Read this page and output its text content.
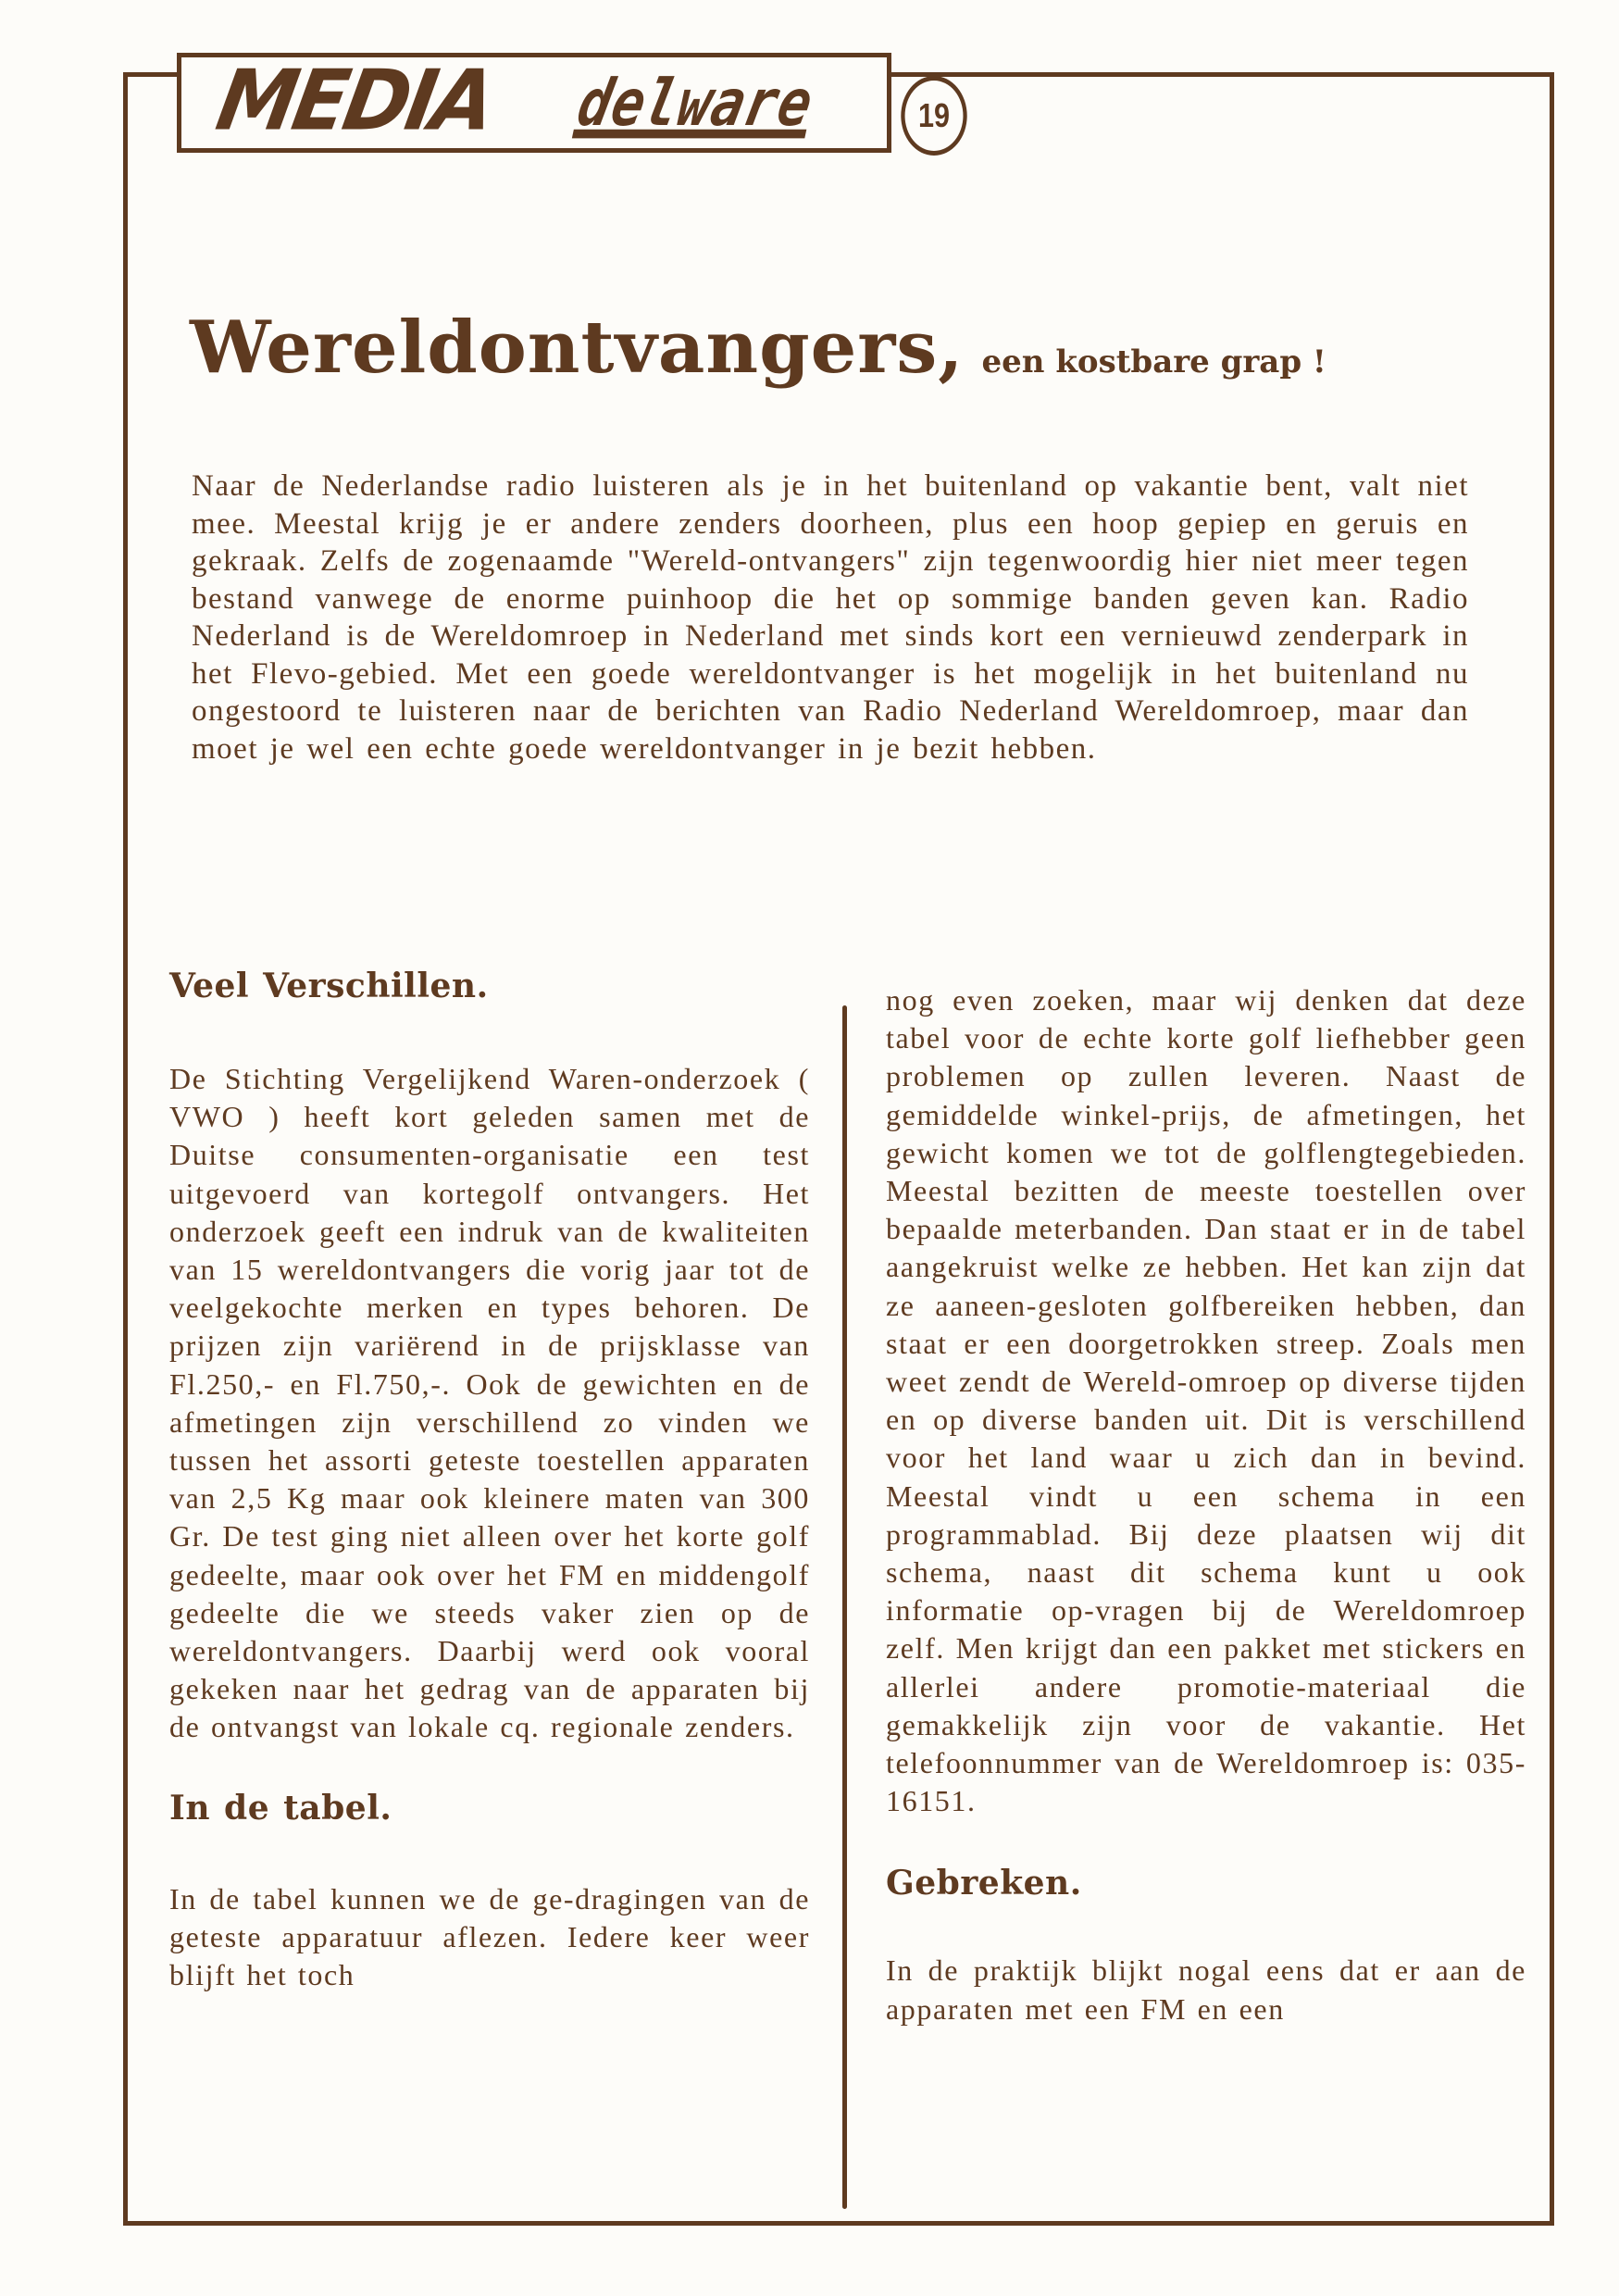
MEDIA delware	19
Wereldontvangers, een kostbare grap !

Naar de Nederlandse radio luisteren als je in het buitenland op vakantie bent, valt niet mee. Meestal krijg je er andere zenders doorheen, plus een hoop gepiep en geruis en gekraak. Zelfs de zogenaamde "Wereld-ontvangers" zijn tegenwoordig hier niet meer tegen bestand vanwege de enorme puinhoop die het op sommige banden geven kan. Radio Nederland is de Wereldomroep in Nederland met sinds kort een vernieuwd zenderpark in het Flevo-gebied. Met een goede wereldontvanger is het mogelijk in het buitenland nu ongestoord te luisteren naar de berichten van Radio Nederland Wereldomroep, maar dan moet je wel een echte goede wereldontvanger in je bezit hebben.

Veel Verschillen.

De Stichting Vergelijkend Waren-onderzoek ( VWO ) heeft kort geleden samen met de Duitse consumenten-organisatie een test uitgevoerd van kortegolf ontvangers. Het onderzoek geeft een indruk van de kwaliteiten van 15 wereldontvangers die vorig jaar tot de veelgekochte merken en types behoren. De prijzen zijn variërend in de prijsklasse van Fl.250,- en Fl.750,-. Ook de gewichten en de afmetingen zijn verschillend zo vinden we tussen het assorti geteste toestellen apparaten van 2,5 Kg maar ook kleinere maten van 300 Gr. De test ging niet alleen over het korte golf gedeelte, maar ook over het FM en middengolf gedeelte die we steeds vaker zien op de wereldontvangers. Daarbij werd ook vooral gekeken naar het gedrag van de apparaten bij de ontvangst van lokale cq. regionale zenders.

In de tabel.

In de tabel kunnen we de ge-dragingen van de geteste apparatuur aflezen. Iedere keer weer blijft het toch

nog even zoeken, maar wij denken dat deze tabel voor de echte korte golf liefhebber geen problemen op zullen leveren. Naast de gemiddelde winkel-prijs, de afmetingen, het gewicht komen we tot de golflengtegebieden. Meestal bezitten de meeste toestellen over bepaalde meterbanden. Dan staat er in de tabel aangekruist welke ze hebben. Het kan zijn dat ze aaneen-gesloten golfbereiken hebben, dan staat er een doorgetrokken streep. Zoals men weet zendt de Wereld-omroep op diverse tijden en op diverse banden uit. Dit is verschillend voor het land waar u zich dan in bevind. Meestal vindt u een schema in een programmablad. Bij deze plaatsen wij dit schema, naast dit schema kunt u ook informatie op-vragen bij de Wereldomroep zelf. Men krijgt dan een pakket met stickers en allerlei andere promotie-materiaal die gemakkelijk zijn voor de vakantie. Het telefoonnummer van de Wereldomroep is: 035-16151.

Gebreken.

In de praktijk blijkt nogal eens dat er aan de apparaten met een FM en een
